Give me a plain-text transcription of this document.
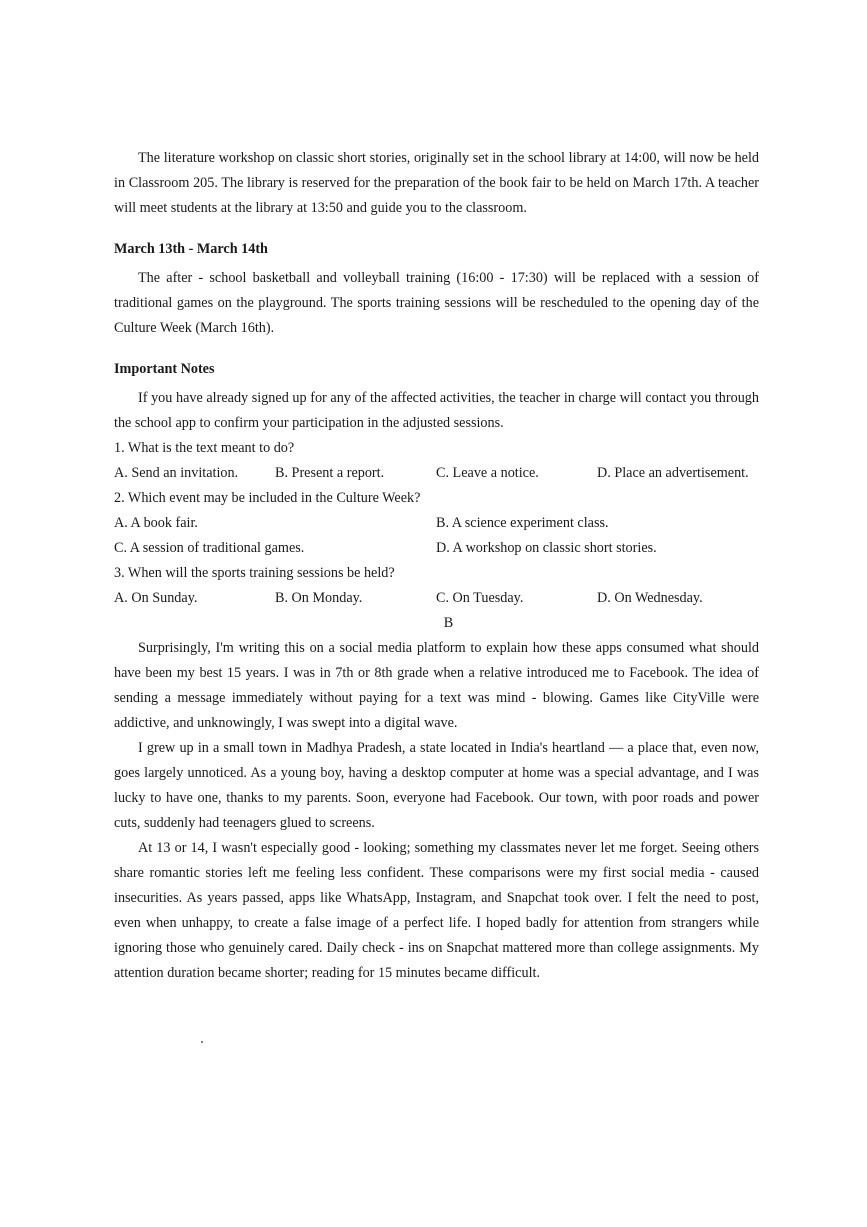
The literature workshop on classic short stories, originally set in the school library at 14:00, will now be held in Classroom 205. The library is reserved for the preparation of the book fair to be held on March 17th. A teacher will meet students at the library at 13:50 and guide you to the classroom.

March 13th - March 14th

The after - school basketball and volleyball training (16:00 - 17:30) will be replaced with a session of traditional games on the playground. The sports training sessions will be rescheduled to the opening day of the Culture Week (March 16th).

Important Notes

If you have already signed up for any of the affected activities, the teacher in charge will contact you through the school app to confirm your participation in the adjusted sessions.

1. What is the text meant to do?

A. Send an invitation.	B. Present a report.	C. Leave a notice.	D. Place an advertisement.

2. Which event may be included in the Culture Week?

A. A book fair.	B. A science experiment class.
C. A session of traditional games.	D. A workshop on classic short stories.

3. When will the sports training sessions be held?

A. On Sunday.	B. On Monday.	C. On Tuesday.	D. On Wednesday.

B

Surprisingly, I'm writing this on a social media platform to explain how these apps consumed what should have been my best 15 years. I was in 7th or 8th grade when a relative introduced me to Facebook. The idea of sending a message immediately without paying for a text was mind - blowing. Games like CityVille were addictive, and unknowingly, I was swept into a digital wave.

I grew up in a small town in Madhya Pradesh, a state located in India's heartland — a place that, even now, goes largely unnoticed. As a young boy, having a desktop computer at home was a special advantage, and I was lucky to have one, thanks to my parents. Soon, everyone had Facebook. Our town, with poor roads and power cuts, suddenly had teenagers glued to screens.

At 13 or 14, I wasn't especially good - looking; something my classmates never let me forget. Seeing others share romantic stories left me feeling less confident. These comparisons were my first social media - caused insecurities. As years passed, apps like WhatsApp, Instagram, and Snapchat took over. I felt the need to post, even when unhappy, to create a false image of a perfect life. I hoped badly for attention from strangers while ignoring those who genuinely cared. Daily check - ins on Snapchat mattered more than college assignments. My attention duration became shorter; reading for 15 minutes became difficult.
